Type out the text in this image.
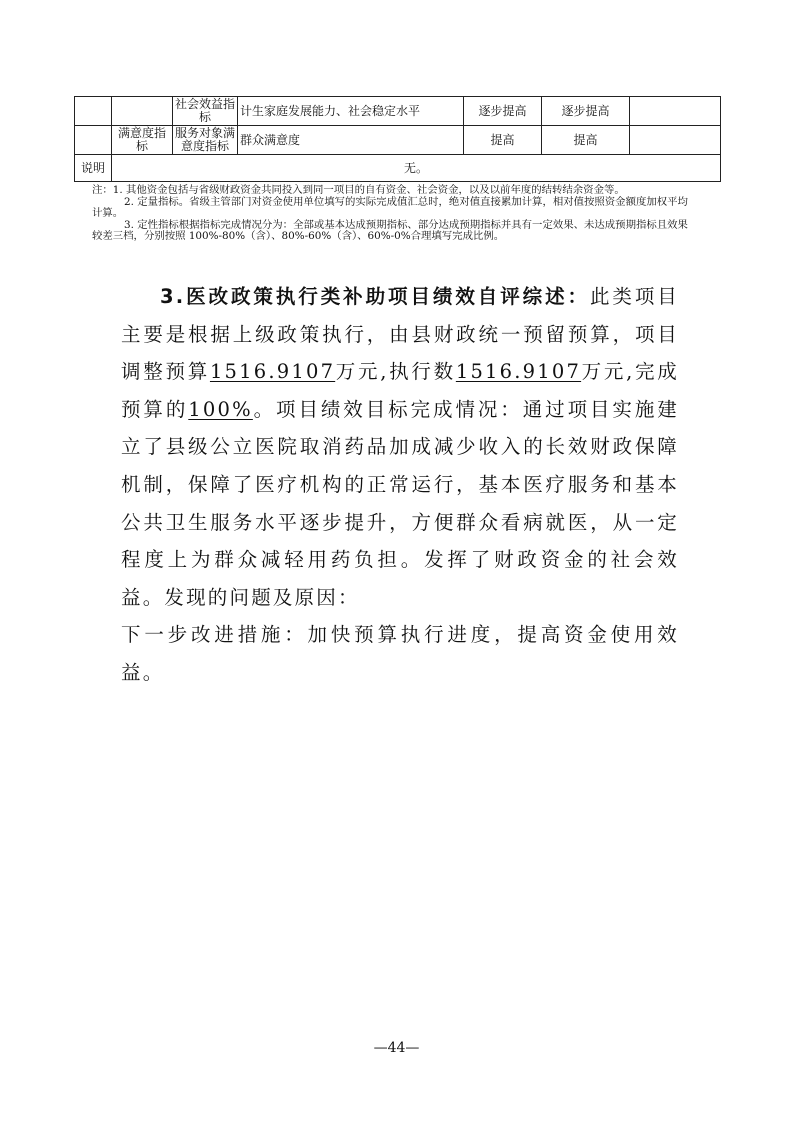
		社会效益指标	计生家庭发展能力、社会稳定水平	逐步提高	逐步提高	
	满意度指标	服务对象满意度指标	群众满意度	提高	提高	
说明	无。					

注：1. 其他资金包括与省级财政资金共同投入到同一项目的自有资金、社会资金，以及以前年度的结转结余资金等。

2. 定量指标。省级主管部门对资金使用单位填写的实际完成值汇总时，绝对值直接累加计算，相对值按照资金额度加权平均计算。

3. 定性指标根据指标完成情况分为：全部或基本达成预期指标、部分达成预期指标并具有一定效果、未达成预期指标且效果较差三档，分别按照 100%-80%（含）、80%-60%（含）、60%-0%合理填写完成比例。

3.医改政策执行类补助项目绩效自评综述：此类项目主要是根据上级政策执行，由县财政统一预留预算，项目调整预算1516.9107万元,执行数1516.9107万元,完成预算的100%。项目绩效目标完成情况：通过项目实施建立了县级公立医院取消药品加成减少收入的长效财政保障机制，保障了医疗机构的正常运行，基本医疗服务和基本公共卫生服务水平逐步提升，方便群众看病就医，从一定程度上为群众减轻用药负担。发挥了财政资金的社会效益。发现的问题及原因：

下一步改进措施：加快预算执行进度，提高资金使用效益。

—44—
